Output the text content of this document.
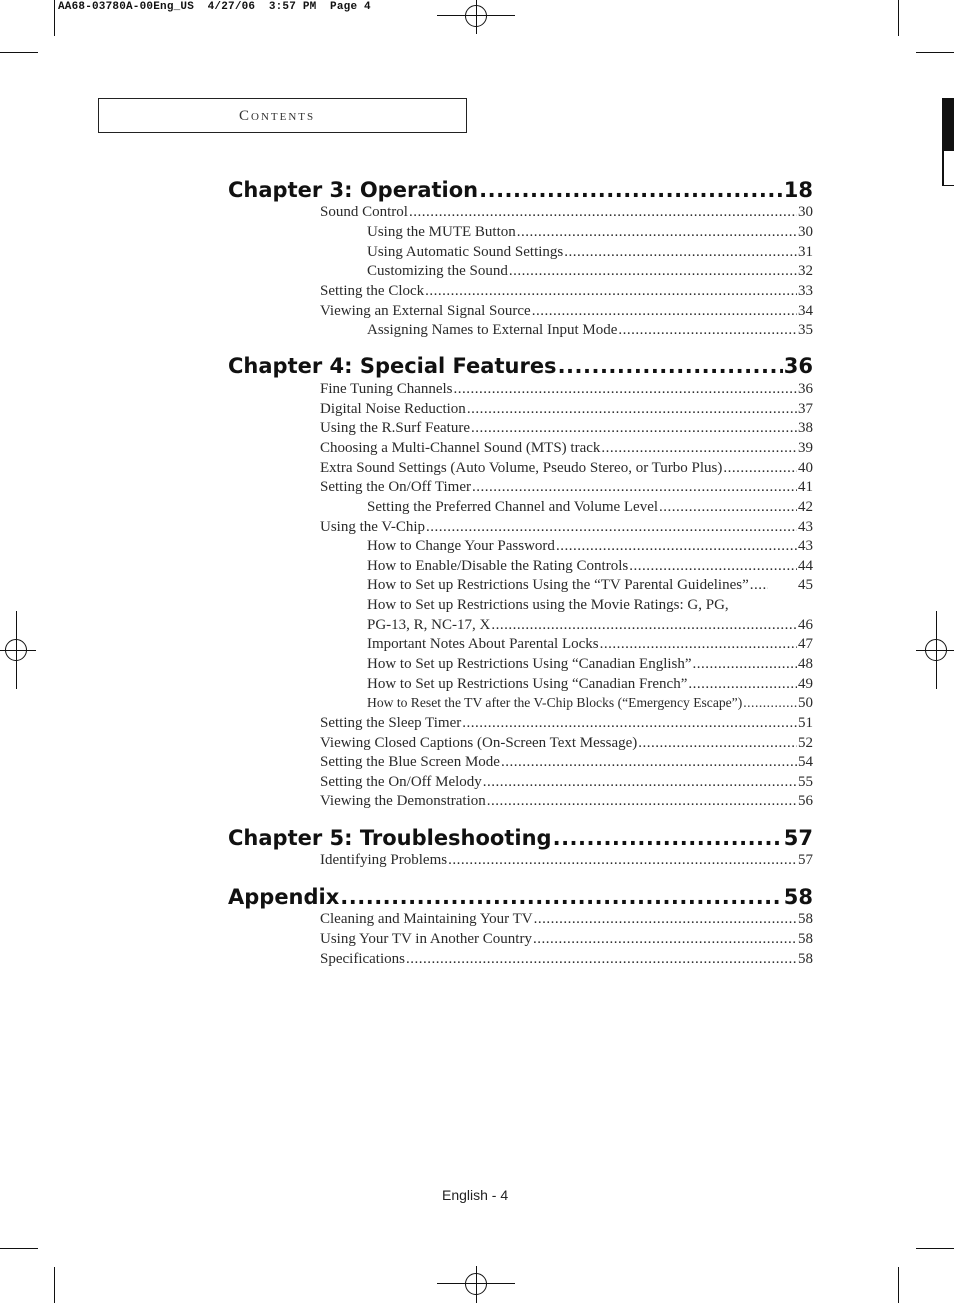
AA68-03780A-00Eng_US  4/27/06  3:57 PM  Page 4
Contents
Chapter 3: Operation .....	18
Sound Control .....	30
Using the MUTE Button .....	30
Using Automatic Sound Settings .....	31
Customizing the Sound .....	32
Setting the Clock .....	33
Viewing an External Signal Source .....	34
Assigning Names to External Input Mode .....	35
Chapter 4: Special Features .....	36
Fine Tuning Channels .....	36
Digital Noise Reduction .....	37
Using the R.Surf Feature .....	38
Choosing a Multi-Channel Sound (MTS) track .....	39
Extra Sound Settings (Auto Volume, Pseudo Stereo, or Turbo Plus) .....	40
Setting the On/Off Timer .....	41
Setting the Preferred Channel and Volume Level .....	42
Using the V-Chip .....	43
How to Change Your Password .....	43
How to Enable/Disable the Rating Controls .....	44
How to Set up Restrictions Using the “TV Parental Guidelines” .....	45
How to Set up Restrictions using the Movie Ratings: G, PG,
PG-13, R, NC-17, X .....	46
Important Notes About Parental Locks .....	47
How to Set up Restrictions Using “Canadian English” .....	48
How to Set up Restrictions Using “Canadian French” .....	49
How to Reset the TV after the V-Chip Blocks (“Emergency Escape”) .....	50
Setting the Sleep Timer .....	51
Viewing Closed Captions (On-Screen Text Message) .....	52
Setting the Blue Screen Mode .....	54
Setting the On/Off Melody .....	55
Viewing the Demonstration .....	56
Chapter 5: Troubleshooting .....	57
Identifying Problems .....	57
Appendix .....	58
Cleaning and Maintaining Your TV .....	58
Using Your TV in Another Country .....	58
Specifications .....	58
English - 4
